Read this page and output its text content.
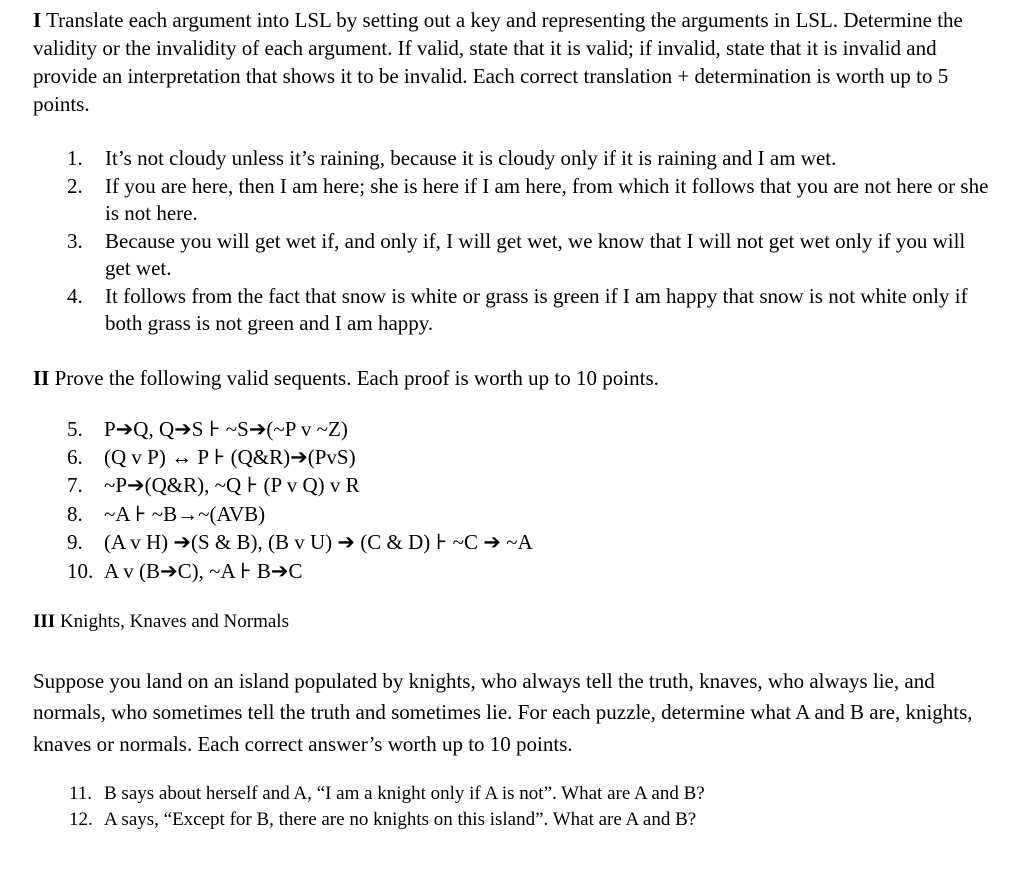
I Translate each argument into LSL by setting out a key and representing the arguments in LSL. Determine the validity or the invalidity of each argument. If valid, state that it is valid; if invalid, state that it is invalid and provide an interpretation that shows it to be invalid. Each correct translation + determination is worth up to 5 points.

1. It’s not cloudy unless it’s raining, because it is cloudy only if it is raining and I am wet.
2. If you are here, then I am here; she is here if I am here, from which it follows that you are not here or she is not here.
3. Because you will get wet if, and only if, I will get wet, we know that I will not get wet only if you will get wet.
4. It follows from the fact that snow is white or grass is green if I am happy that snow is not white only if both grass is not green and I am happy.

II Prove the following valid sequents. Each proof is worth up to 10 points.

5. P➔Q, Q➔S ⊦ ~S➔(~P v ~Z)
6. (Q v P) ↔ P ⊦ (Q&R)➔(PvS)
7. ~P➔(Q&R), ~Q ⊦ (P v Q) v R
8. ~A ⊦ ~B→~(AVB)
9. (A v H) ➔(S & B), (B v U) ➔ (C & D) ⊦ ~C ➔ ~A
10. A v (B➔C), ~A ⊦ B➔C

III Knights, Knaves and Normals

Suppose you land on an island populated by knights, who always tell the truth, knaves, who always lie, and normals, who sometimes tell the truth and sometimes lie. For each puzzle, determine what A and B are, knights, knaves or normals. Each correct answer’s worth up to 10 points.

11. B says about herself and A, “I am a knight only if A is not”. What are A and B?
12. A says, “Except for B, there are no knights on this island”. What are A and B?
